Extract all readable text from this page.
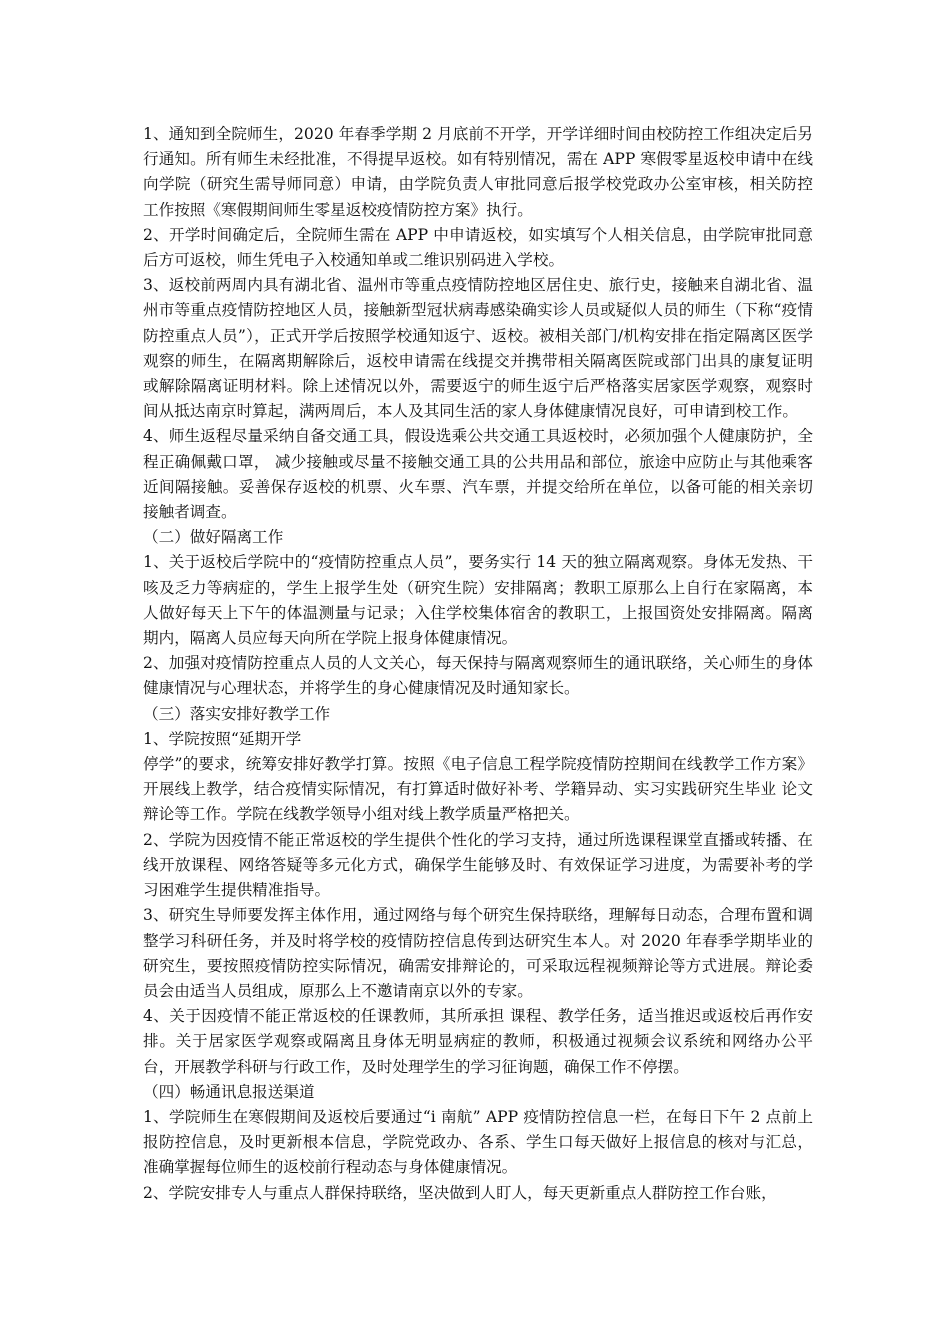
1、通知到全院师生，2020 年春季学期 2 月底前不开学，开学详细时间由校防控工作组决定后另行通知。所有师生未经批准，不得提早返校。如有特别情况，需在 APP 寒假零星返校申请中在线向学院（研究生需导师同意）申请，由学院负责人审批同意后报学校党政办公室审核，相关防控工作按照《寒假期间师生零星返校疫情防控方案》执行。

2、开学时间确定后，全院师生需在 APP 中申请返校，如实填写个人相关信息，由学院审批同意后方可返校，师生凭电子入校通知单或二维识别码进入学校。

3、返校前两周内具有湖北省、温州市等重点疫情防控地区居住史、旅行史，接触来自湖北省、温州市等重点疫情防控地区人员，接触新型冠状病毒感染确实诊人员或疑似人员的师生（下称“疫情防控重点人员”），正式开学后按照学校通知返宁、返校。被相关部门/机构安排在指定隔离区医学观察的师生，在隔离期解除后，返校申请需在线提交并携带相关隔离医院或部门出具的康复证明或解除隔离证明材料。除上述情况以外，需要返宁的师生返宁后严格落实居家医学观察，观察时间从抵达南京时算起，满两周后，本人及其同生活的家人身体健康情况良好，可申请到校工作。

4、师生返程尽量采纳自备交通工具，假设选乘公共交通工具返校时，必须加强个人健康防护，全程正确佩戴口罩， 减少接触或尽量不接触交通工具的公共用品和部位，旅途中应防止与其他乘客近间隔接触。妥善保存返校的机票、火车票、汽车票，并提交给所在单位，以备可能的相关亲切接触者调查。

（二）做好隔离工作

1、关于返校后学院中的“疫情防控重点人员”，要务实行 14 天的独立隔离观察。身体无发热、干咳及乏力等病症的，学生上报学生处（研究生院）安排隔离；教职工原那么上自行在家隔离，本人做好每天上下午的体温测量与记录；入住学校集体宿舍的教职工，上报国资处安排隔离。隔离期内，隔离人员应每天向所在学院上报身体健康情况。

2、加强对疫情防控重点人员的人文关心，每天保持与隔离观察师生的通讯联络，关心师生的身体健康情况与心理状态，并将学生的身心健康情况及时通知家长。

（三）落实安排好教学工作

1、学院按照“延期开学

停学”的要求，统筹安排好教学打算。按照《电子信息工程学院疫情防控期间在线教学工作方案》开展线上教学，结合疫情实际情况，有打算适时做好补考、学籍异动、实习实践研究生毕业 论文辩论等工作。学院在线教学领导小组对线上教学质量严格把关。

2、学院为因疫情不能正常返校的学生提供个性化的学习支持，通过所选课程课堂直播或转播、在线开放课程、网络答疑等多元化方式，确保学生能够及时、有效保证学习进度，为需要补考的学习困难学生提供精准指导。

3、研究生导师要发挥主体作用，通过网络与每个研究生保持联络，理解每日动态，合理布置和调整学习科研任务，并及时将学校的疫情防控信息传到达研究生本人。对 2020 年春季学期毕业的研究生，要按照疫情防控实际情况，确需安排辩论的，可采取远程视频辩论等方式进展。辩论委员会由适当人员组成，原那么上不邀请南京以外的专家。

4、关于因疫情不能正常返校的任课教师，其所承担 课程、教学任务，适当推迟或返校后再作安排。关于居家医学观察或隔离且身体无明显病症的教师，积极通过视频会议系统和网络办公平台，开展教学科研与行政工作，及时处理学生的学习征询题，确保工作不停摆。

（四）畅通讯息报送渠道

1、学院师生在寒假期间及返校后要通过“i 南航” APP 疫情防控信息一栏，在每日下午 2 点前上报防控信息，及时更新根本信息，学院党政办、各系、学生口每天做好上报信息的核对与汇总， 准确掌握每位师生的返校前行程动态与身体健康情况。

2、学院安排专人与重点人群保持联络，坚决做到人盯人，每天更新重点人群防控工作台账，
